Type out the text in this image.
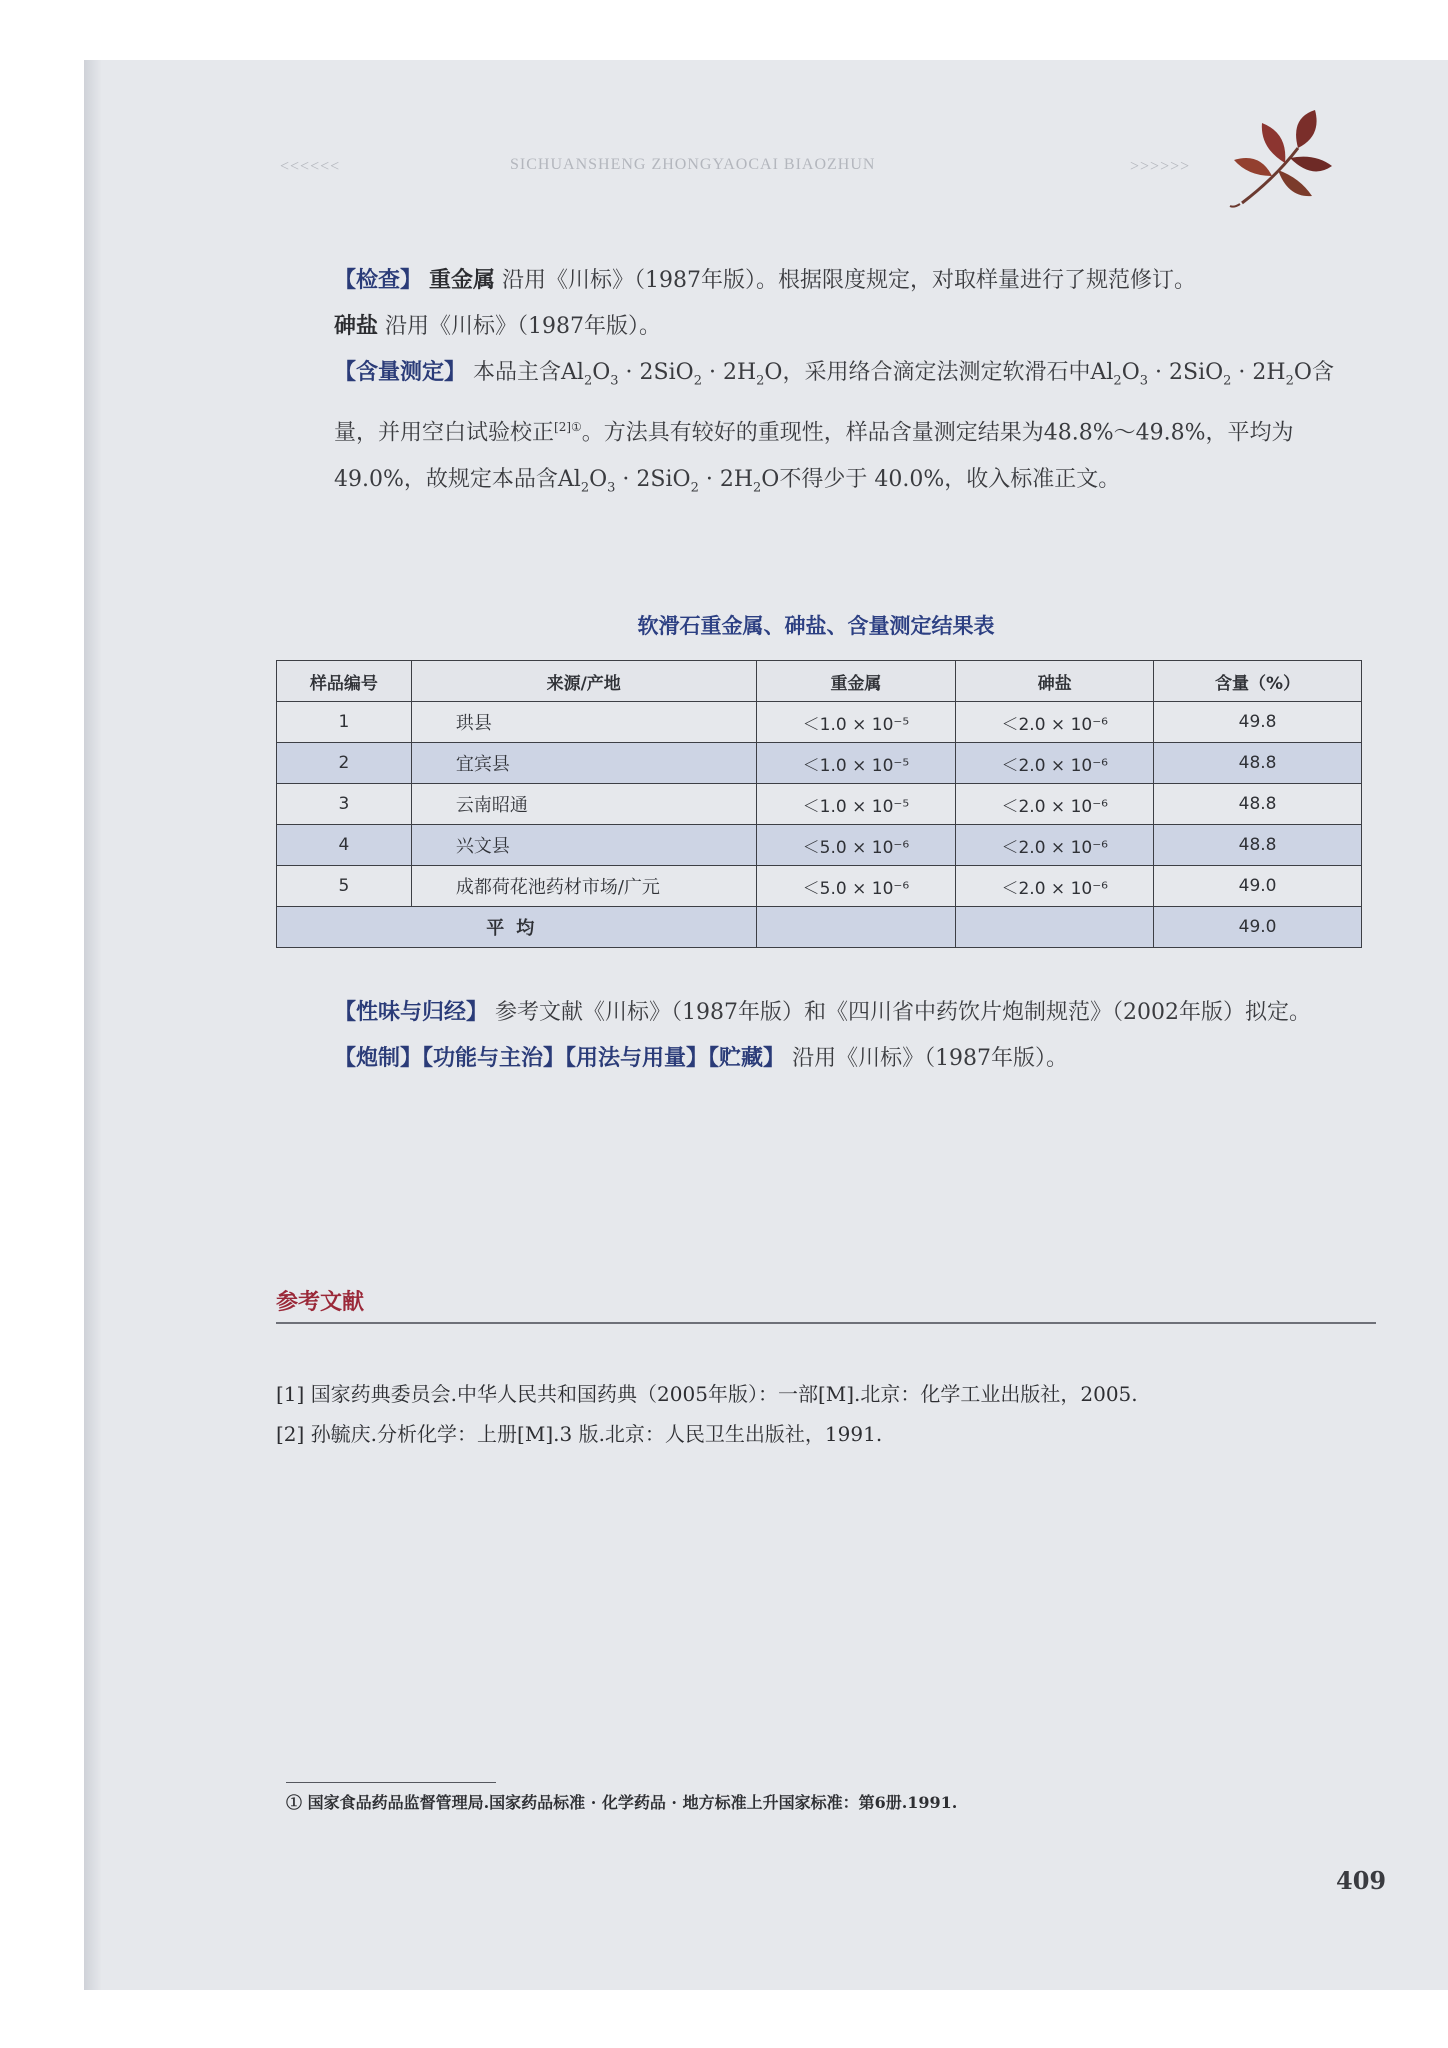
<<<<<<	SICHUANSHENG ZHONGYAOCAI BIAOZHUN	>>>>>>
【检查】 重金属 沿用《川标》（1987年版）。根据限度规定，对取样量进行了规范修订。
砷盐 沿用《川标》（1987年版）。
【含量测定】 本品主含$Al_2O_3 \cdot 2SiO_2 \cdot 2H_2O$，采用络合滴定法测定软滑石中$Al_2O_3 \cdot 2SiO_2 \cdot 2H_2O$含量，并用空白试验校正$^{[2]①}$。方法具有较好的重现性，样品含量测定结果为48.8%～49.8%，平均为 49.0%，故规定本品含$Al_2O_3 \cdot 2SiO_2 \cdot 2H_2O$不得少于 40.0%，收入标准正文。
软滑石重金属、砷盐、含量测定结果表
样品编号	来源/产地	重金属	砷盐	含量（%）
1	珙县	＜1.0 × 10⁻⁵	＜2.0 × 10⁻⁶	49.8
2	宜宾县	＜1.0 × 10⁻⁵	＜2.0 × 10⁻⁶	48.8
3	云南昭通	＜1.0 × 10⁻⁵	＜2.0 × 10⁻⁶	48.8
4	兴文县	＜5.0 × 10⁻⁶	＜2.0 × 10⁻⁶	48.8
5	成都荷花池药材市场/广元	＜5.0 × 10⁻⁶	＜2.0 × 10⁻⁶	49.0
平均				49.0
【性味与归经】 参考文献《川标》（1987年版）和《四川省中药饮片炮制规范》（2002年版）拟定。
【炮制】【功能与主治】【用法与用量】【贮藏】 沿用《川标》（1987年版）。
参考文献
[1] 国家药典委员会.中华人民共和国药典（2005年版）：一部[M].北京：化学工业出版社，2005.
[2] 孙毓庆.分析化学：上册[M].3 版.北京：人民卫生出版社，1991.
① 国家食品药品监督管理局.国家药品标准 · 化学药品 · 地方标准上升国家标准：第6册.1991.
409
